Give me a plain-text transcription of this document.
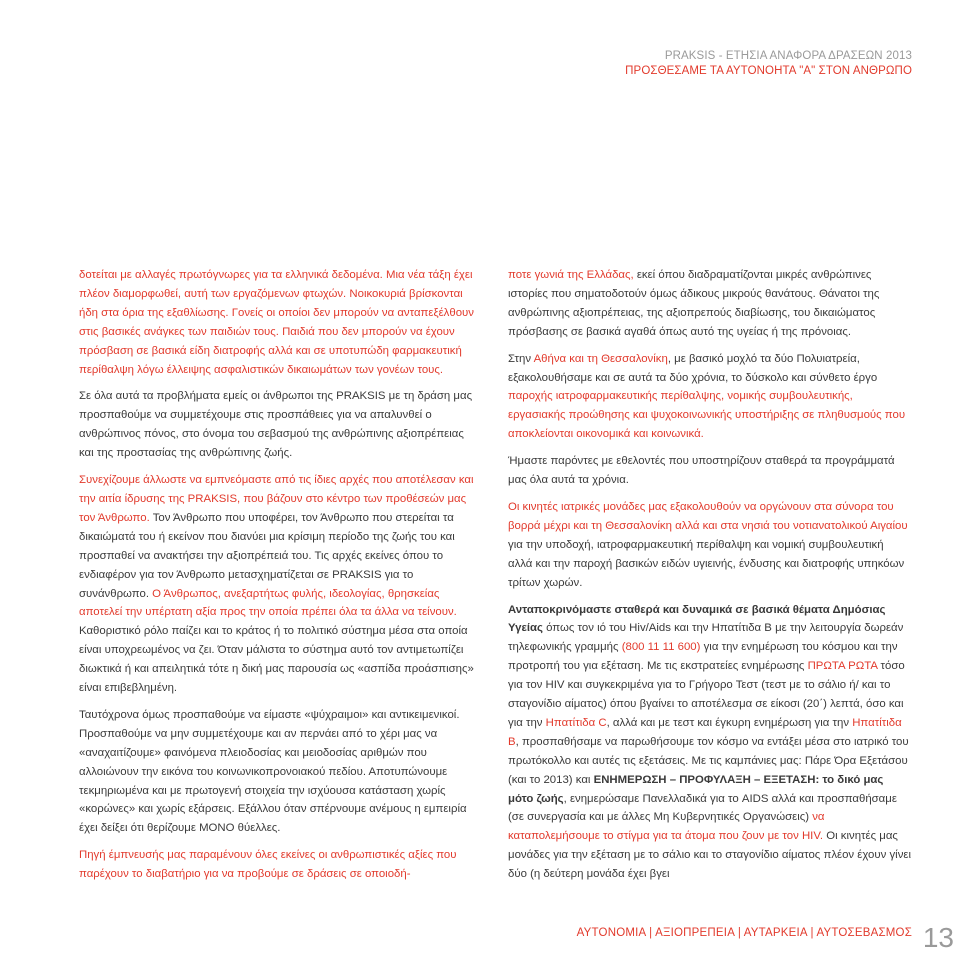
PRAKSIS - ΕΤΗΣΙΑ ΑΝΑΦΟΡΑ ΔΡΑΣΕΩΝ 2013
ΠΡΟΣΘΕΣΑΜΕ ΤΑ ΑΥΤΟΝΟΗΤΑ "Α" ΣΤΟΝ ΑΝΘΡΩΠΟ

δοτείται με αλλαγές πρωτόγνωρες για τα ελληνικά δεδομένα. Μια νέα τάξη έχει πλέον διαμορφωθεί, αυτή των εργαζόμενων φτωχών. Νοικοκυριά βρίσκονται ήδη στα όρια της εξαθλίωσης. Γονείς οι οποίοι δεν μπορούν να ανταπεξέλθουν στις βασικές ανάγκες των παιδιών τους. Παιδιά που δεν μπορούν να έχουν πρόσβαση σε βασικά είδη διατροφής αλλά και σε υποτυπώδη φαρμακευτική περίθαλψη λόγω έλλειψης ασφαλιστικών δικαιωμάτων των γονέων τους.

Σε όλα αυτά τα προβλήματα εμείς οι άνθρωποι της PRAKSIS με τη δράση μας προσπαθούμε να συμμετέχουμε στις προσπάθειες για να απαλυνθεί ο ανθρώπινος πόνος, στο όνομα του σεβασμού της ανθρώπινης αξιοπρέπειας και της προστασίας της ανθρώπινης ζωής.

Συνεχίζουμε άλλωστε να εμπνεόμαστε από τις ίδιες αρχές που αποτέλεσαν και την αιτία ίδρυσης της PRAKSIS, που βάζουν στο κέντρο των προθέσεών μας τον Άνθρωπο. Τον Άνθρωπο που υποφέρει, τον Άνθρωπο που στερείται τα δικαιώματά του ή εκείνον που διανύει μια κρίσιμη περίοδο της ζωής του και προσπαθεί να ανακτήσει την αξιοπρέπειά του. Τις αρχές εκείνες όπου το ενδιαφέρον για τον Άνθρωπο μετασχηματίζεται σε PRAKSIS για το συνάνθρωπο. Ο Άνθρωπος, ανεξαρτήτως φυλής, ιδεολογίας, θρησκείας αποτελεί την υπέρτατη αξία προς την οποία πρέπει όλα τα άλλα να τείνουν. Καθοριστικό ρόλο παίζει και το κράτος ή το πολιτικό σύστημα μέσα στα οποία είναι υποχρεωμένος να ζει. Όταν μάλιστα το σύστημα αυτό τον αντιμετωπίζει διωκτικά ή και απειλητικά τότε η δική μας παρουσία ως «ασπίδα προάσπισης» είναι επιβεβλημένη.

Ταυτόχρονα όμως προσπαθούμε να είμαστε «ψύχραιμοι» και αντικειμενικοί. Προσπαθούμε να μην συμμετέχουμε και αν περνάει από το χέρι μας να «αναχαιτίζουμε» φαινόμενα πλειοδοσίας και μειοδοσίας αριθμών που αλλοιώνουν την εικόνα του κοινωνικοπρονοιακού πεδίου. Αποτυπώνουμε τεκμηριωμένα και με πρωτογενή στοιχεία την ισχύουσα κατάσταση χωρίς «κορώνες» και χωρίς εξάρσεις. Εξάλλου όταν σπέρνουμε ανέμους η εμπειρία έχει δείξει ότι θερίζουμε ΜΟΝΟ θύελλες.

Πηγή έμπνευσής μας παραμένουν όλες εκείνες οι ανθρωπιστικές αξίες που παρέχουν το διαβατήριο για να προβούμε σε δράσεις σε οποιοδή-

ποτε γωνιά της Ελλάδας, εκεί όπου διαδραματίζονται μικρές ανθρώπινες ιστορίες που σηματοδοτούν όμως άδικους μικρούς θανάτους. Θάνατοι της ανθρώπινης αξιοπρέπειας, της αξιοπρεπούς διαβίωσης, του δικαιώματος πρόσβασης σε βασικά αγαθά όπως αυτό της υγείας ή της πρόνοιας.

Στην Αθήνα και τη Θεσσαλονίκη, με βασικό μοχλό τα δύο Πολυιατρεία, εξακολουθήσαμε και σε αυτά τα δύο χρόνια, το δύσκολο και σύνθετο έργο παροχής ιατροφαρμακευτικής περίθαλψης, νομικής συμβουλευτικής, εργασιακής προώθησης και ψυχοκοινωνικής υποστήριξης σε πληθυσμούς που αποκλείονται οικονομικά και κοινωνικά.

Ήμαστε παρόντες με εθελοντές που υποστηρίζουν σταθερά τα προγράμματά μας όλα αυτά τα χρόνια.

Οι κινητές ιατρικές μονάδες μας εξακολουθούν να οργώνουν στα σύνορα του βορρά μέχρι και τη Θεσσαλονίκη αλλά και στα νησιά του νοτιανατολικού Αιγαίου για την υποδοχή, ιατροφαρμακευτική περίθαλψη και νομική συμβουλευτική αλλά και την παροχή βασικών ειδών υγιεινής, ένδυσης και διατροφής υπηκόων τρίτων χωρών.

Ανταποκρινόμαστε σταθερά και δυναμικά σε βασικά θέματα Δημόσιας Υγείας όπως τον ιό του Hiv/Aids και την Ηπατίτιδα Β με την λειτουργία δωρεάν τηλεφωνικής γραμμής (800 11 11 600) για την ενημέρωση του κόσμου και την προτροπή του για εξέταση. Με τις εκστρατείες ενημέρωσης ΠΡΩΤΑ ΡΩΤΑ τόσο για τον HIV και συγκεκριμένα για το Γρήγορο Τεστ (τεστ με το σάλιο ή/ και το σταγονίδιο αίματος) όπου βγαίνει το αποτέλεσμα σε είκοσι (20΄) λεπτά, όσο και για την Ηπατίτιδα C, αλλά και με τεστ και έγκυρη ενημέρωση για την Ηπατίτιδα Β, προσπαθήσαμε να παρωθήσουμε τον κόσμο να εντάξει μέσα στο ιατρικό του πρωτόκολλο και αυτές τις εξετάσεις. Με τις καμπάνιες μας: Πάρε Όρα Εξετάσου (και το 2013) και ΕΝΗΜΕΡΩΣΗ – ΠΡΟΦΥΛΑΞΗ – ΕΞΕΤΑΣΗ: το δικό μας μότο ζωής, ενημερώσαμε Πανελλαδικά για το AIDS αλλά και προσπαθήσαμε (σε συνεργασία και με άλλες Μη Κυβερνητικές Οργανώσεις) να καταπολεμήσουμε το στίγμα για τα άτομα που ζουν με τον HIV. Οι κινητές μας μονάδες για την εξέταση με το σάλιο και το σταγονίδιο αίματος πλέον έχουν γίνει δύο (η δεύτερη μονάδα έχει βγει

ΑΥΤΟΝΟΜΙΑ | ΑΞΙΟΠΡΕΠΕΙΑ | ΑΥΤΑΡΚΕΙΑ | ΑΥΤΟΣΕΒΑΣΜΟΣ 13
